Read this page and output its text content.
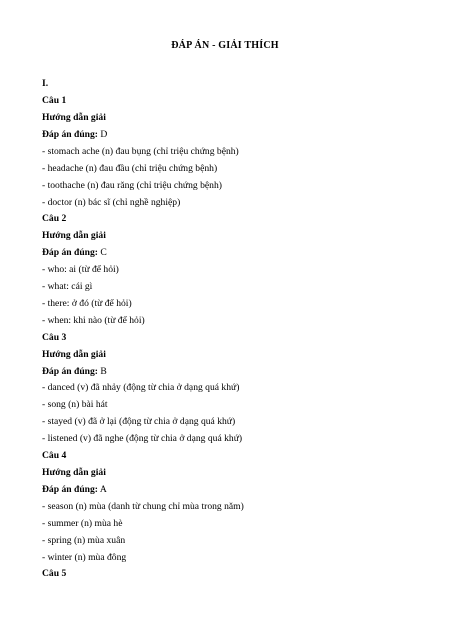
ĐÁP ÁN - GIẢI THÍCH
I.
Câu 1
Hướng dẫn giải
Đáp án đúng: D
- stomach ache (n) đau bụng (chỉ triệu chứng bệnh)
- headache (n) đau đầu (chỉ triệu chứng bệnh)
- toothache (n) đau răng (chỉ triệu chứng bệnh)
- doctor (n) bác sĩ (chỉ nghề nghiệp)
Câu 2
Hướng dẫn giải
Đáp án đúng: C
- who: ai (từ để hỏi)
- what: cái gì
- there: ở đó (từ để hỏi)
- when: khi nào (từ để hỏi)
Câu 3
Hướng dẫn giải
Đáp án đúng: B
- danced (v) đã nhảy (động từ chia ở dạng quá khứ)
- song (n) bài hát
- stayed (v) đã ở lại (động từ chia ở dạng quá khứ)
- listened (v) đã nghe (động từ chia ở dạng quá khứ)
Câu 4
Hướng dẫn giải
Đáp án đúng: A
- season (n) mùa (danh từ chung chỉ mùa trong năm)
- summer (n) mùa hè
- spring (n) mùa xuân
- winter (n) mùa đông
Câu 5
